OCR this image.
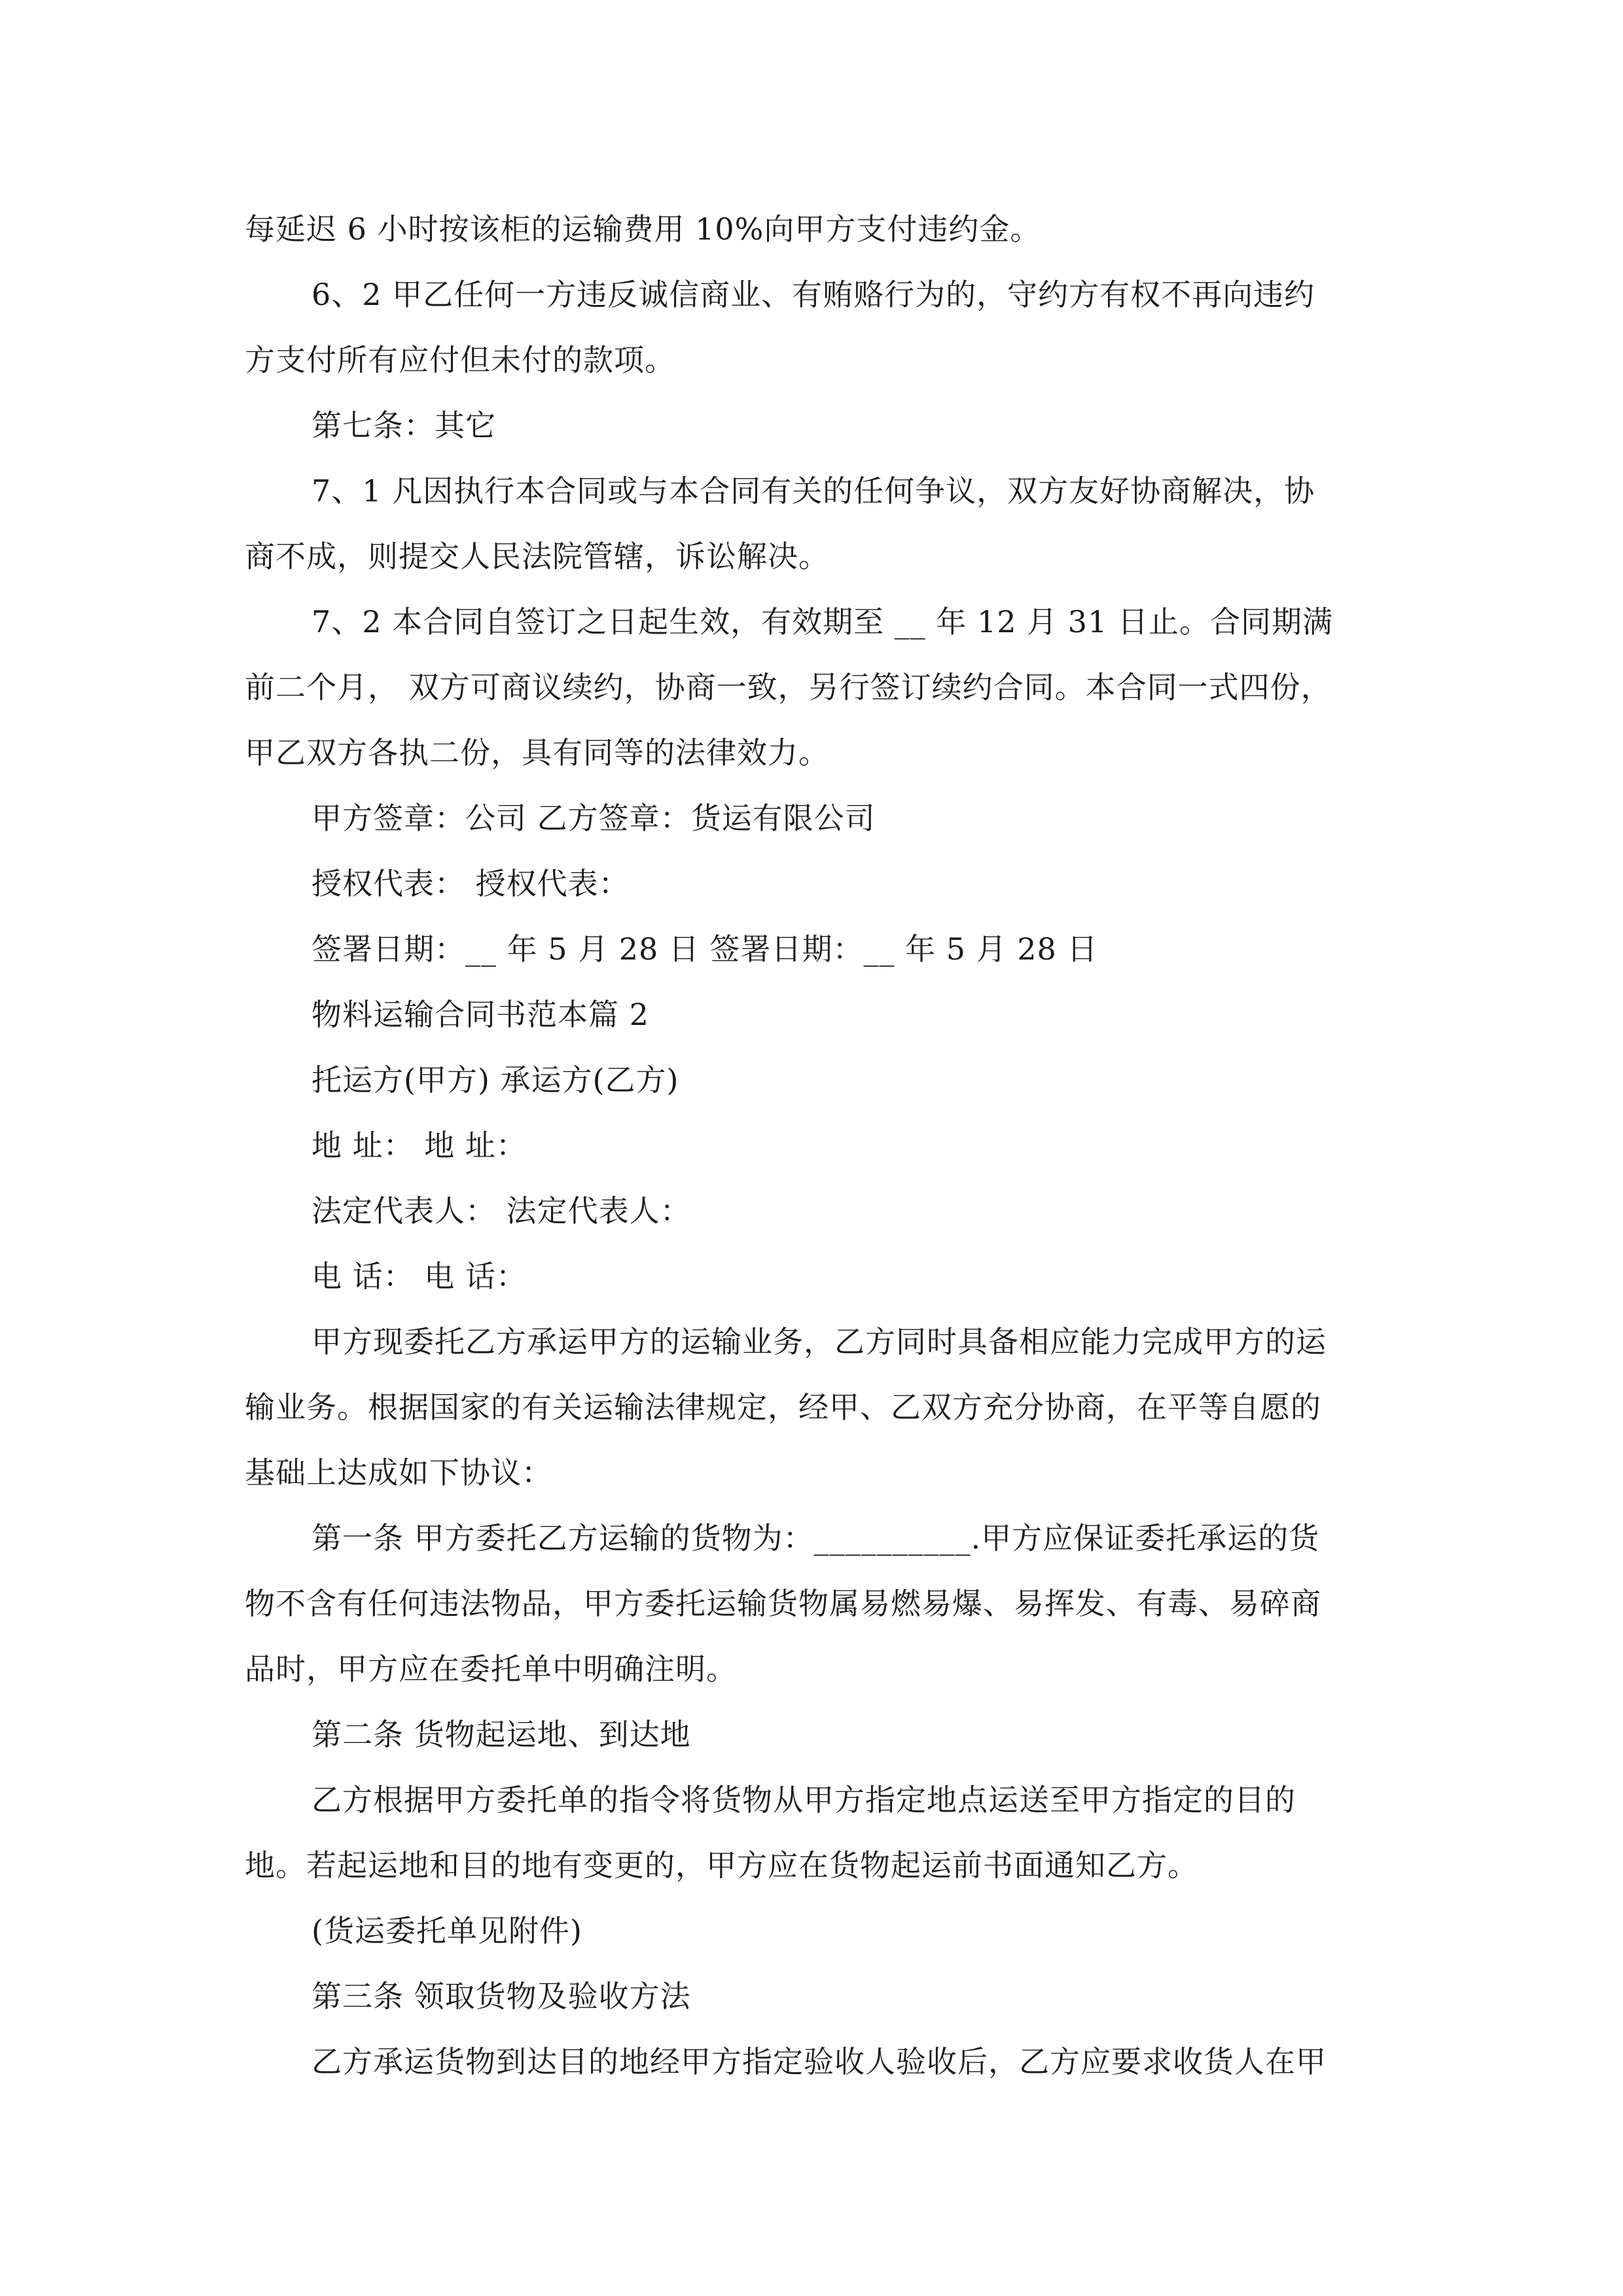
每延迟 6 小时按该柜的运输费用 10%向甲方支付违约金。
6、2 甲乙任何一方违反诚信商业、有贿赂行为的，守约方有权不再向违约
方支付所有应付但未付的款项。
第七条：其它
7、1 凡因执行本合同或与本合同有关的任何争议，双方友好协商解决，协
商不成，则提交人民法院管辖，诉讼解决。
7、2 本合同自签订之日起生效，有效期至 __ 年 12 月 31 日止。合同期满
前二个月， 双方可商议续约，协商一致，另行签订续约合同。本合同一式四份，
甲乙双方各执二份，具有同等的法律效力。
甲方签章：公司 乙方签章：货运有限公司
授权代表： 授权代表：
签署日期：__ 年 5 月 28 日 签署日期：__ 年 5 月 28 日
物料运输合同书范本篇 2
托运方(甲方) 承运方(乙方)
地 址： 地 址：
法定代表人： 法定代表人：
电 话： 电 话：
甲方现委托乙方承运甲方的运输业务，乙方同时具备相应能力完成甲方的运
输业务。根据国家的有关运输法律规定，经甲、乙双方充分协商，在平等自愿的
基础上达成如下协议：
第一条 甲方委托乙方运输的货物为：__________.甲方应保证委托承运的货
物不含有任何违法物品，甲方委托运输货物属易燃易爆、易挥发、有毒、易碎商
品时，甲方应在委托单中明确注明。
第二条 货物起运地、到达地
乙方根据甲方委托单的指令将货物从甲方指定地点运送至甲方指定的目的
地。若起运地和目的地有变更的，甲方应在货物起运前书面通知乙方。
(货运委托单见附件)
第三条 领取货物及验收方法
乙方承运货物到达目的地经甲方指定验收人验收后，乙方应要求收货人在甲
